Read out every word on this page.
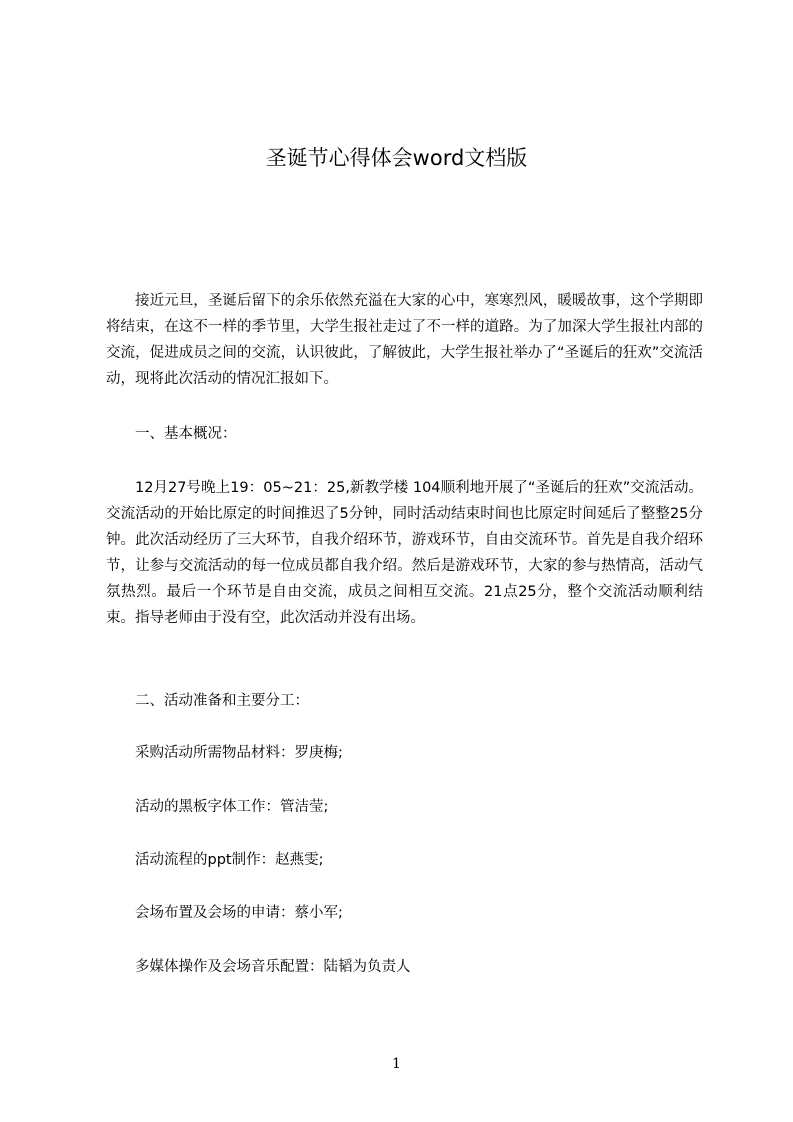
圣诞节心得体会word文档版

接近元旦，圣诞后留下的余乐依然充溢在大家的心中，寒寒烈风，暖暖故事，这个学期即将结束，在这不一样的季节里，大学生报社走过了不一样的道路。为了加深大学生报社内部的交流，促进成员之间的交流，认识彼此，了解彼此，大学生报社举办了“圣诞后的狂欢”交流活动，现将此次活动的情况汇报如下。

一、基本概况：

12月27号晚上19：05~21：25,新教学楼 104顺利地开展了“圣诞后的狂欢”交流活动。交流活动的开始比原定的时间推迟了5分钟，同时活动结束时间也比原定时间延后了整整25分钟。此次活动经历了三大环节，自我介绍环节，游戏环节，自由交流环节。首先是自我介绍环节，让参与交流活动的每一位成员都自我介绍。然后是游戏环节，大家的参与热情高，活动气氛热烈。最后一个环节是自由交流，成员之间相互交流。21点25分，整个交流活动顺利结束。指导老师由于没有空，此次活动并没有出场。

二、活动准备和主要分工：

采购活动所需物品材料：罗庚梅;

活动的黑板字体工作：管洁莹;

活动流程的ppt制作：赵燕雯;

会场布置及会场的申请：蔡小军;

多媒体操作及会场音乐配置：陆韬为负责人

1
